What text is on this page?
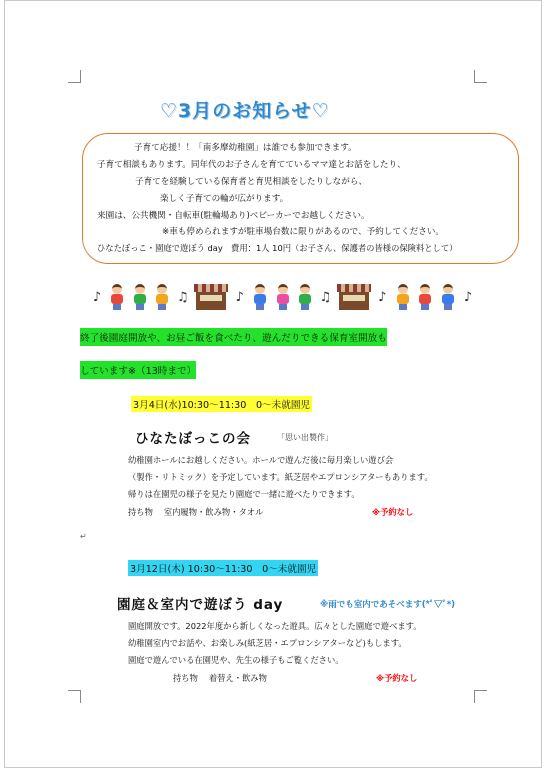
♡3月のお知らせ♡
子育て応援！！「南多摩幼稚園」は誰でも参加できます。
子育て相談もあります。同年代のお子さんを育てているママ達とお話をしたり、
子育てを経験している保育者と育児相談をしたりしながら、
楽しく子育ての輪が広がります。
来園は、公共機関・自転車(駐輪場あり)ベビーカーでお越しください。
※車も停められますが駐車場台数に限りがあるので、予約してください。
ひなたぼっこ・園庭で遊ぼう day　費用：1人 10円（お子さん、保護者の皆様の保険料として）
♪	♫	♪	♫	♪	♪
終了後園庭開放や、お昼ご飯を食べたり、遊んだりできる保育室開放も
しています※（13時まで）
3月4日(水)10:30～11:30　0～未就園児
ひなたぼっこの会	「思い出製作」
幼稚園ホールにお越しください。ホールで遊んだ後に毎月楽しい遊び会
（製作・リトミック）を予定しています。紙芝居やエプロンシアターもあります。
帰りは在園児の様子を見たり園庭で一緒に遊べたりできます。
持ち物　 室内履物・飲み物・タオル	※予約なし
↵
3月12日(木) 10:30～11:30　0～未就園児
園庭＆室内で遊ぼう day	※雨でも室内であそべます(*ﾟ▽ﾟ*)
園庭開放です。2022年度から新しくなった遊具。広々とした園庭で遊べます。
幼稚園室内でお話や、お楽しみ(紙芝居・エプロンシアターなど)もします。
園庭で遊んでいる在園児や、先生の様子もご覧ください。
持ち物　 着替え・飲み物	※予約なし
